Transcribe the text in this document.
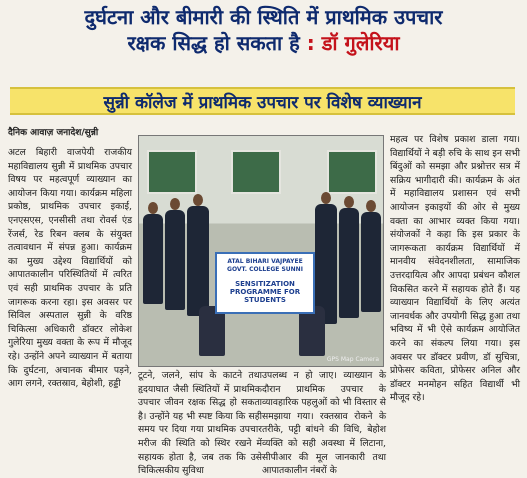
दुर्घटना और बीमारी की स्थिति में प्राथमिक उपचार
रक्षक सिद्ध हो सकता है : डॉ गुलेरिया
सुन्नी कॉलेज में प्राथमिक उपचार पर विशेष व्याख्यान
दैनिक आवाज़ जनादेश/सुन्नी

अटल बिहारी वाजपेयी राजकीय महाविद्यालय सुन्नी में प्राथमिक उपचार विषय पर महत्वपूर्ण व्याख्यान का आयोजन किया गया। कार्यक्रम महिला प्रकोष्ठ, प्राथमिक उपचार इकाई, एनएसएस, एनसीसी तथा रोवर्स एंड रेंजर्स, रेड रिबन क्लब के संयुक्त तत्वावधान में संपन्न हुआ। कार्यक्रम का मुख्य उद्देश्य विद्यार्थियों को आपातकालीन परिस्थितियों में त्वरित एवं सही प्राथमिक उपचार के प्रति जागरूक करना रहा। इस अवसर पर सिविल अस्पताल सुन्नी के वरिष्ठ चिकित्सा अधिकारी डॉक्टर लोकेश गुलेरिया मुख्य वक्ता के रूप में मौजूद रहे। उन्होंने अपने व्याख्यान में बताया कि दुर्घटना, अचानक बीमार पड़ने, आग लगने, रक्तस्राव, बेहोशी, हड्डी

ATAL BIHARI VAJPAYEE GOVT. COLLEGE SUNNI
SENSITIZATION PROGRAMME FOR STUDENTS
GPS Map Camera

टूटने, जलने, सांप के काटने तथा हृदयाघात जैसी स्थितियों में प्राथमिक उपचार जीवन रक्षक सिद्ध हो सकता है। उन्होंने यह भी स्पष्ट किया कि सही समय पर दिया गया प्राथमिक उपचार मरीज की स्थिति को स्थिर रखने में सहायक होता है, जब तक कि उसे चिकित्सकीय सुविधा

उपलब्ध न हो जाए। व्याख्यान के दौरान प्राथमिक उपचार के व्यावहारिक पहलुओं को भी विस्तार से समझाया गया। रक्तस्राव रोकने के तरीके, पट्टी बांधने की विधि, बेहोश व्यक्ति को सही अवस्था में लिटाना, सीपीआर की मूल जानकारी तथा आपातकालीन नंबरों के

महत्व पर विशेष प्रकाश डाला गया। विद्यार्थियों ने बड़ी रुचि के साथ इन सभी बिंदुओं को समझा और प्रश्नोत्तर सत्र में सक्रिय भागीदारी की। कार्यक्रम के अंत में महाविद्यालय प्रशासन एवं सभी आयोजन इकाइयों की ओर से मुख्य वक्ता का आभार व्यक्त किया गया। संयोजकों ने कहा कि इस प्रकार के जागरूकता कार्यक्रम विद्यार्थियों में मानवीय संवेदनशीलता, सामाजिक उत्तरदायित्व और आपदा प्रबंधन कौशल विकसित करने में सहायक होते हैं। यह व्याख्यान विद्यार्थियों के लिए अत्यंत जानवर्धक और उपयोगी सिद्ध हुआ तथा भविष्य में भी ऐसे कार्यक्रम आयोजित करने का संकल्प लिया गया। इस अवसर पर डॉक्टर प्रवीण, डॉ सुचित्रा, प्रोफेसर कविता, प्रोफेसर अनिल और डॉक्टर मनमोहन सहित विद्यार्थी भी मौजूद रहे।
